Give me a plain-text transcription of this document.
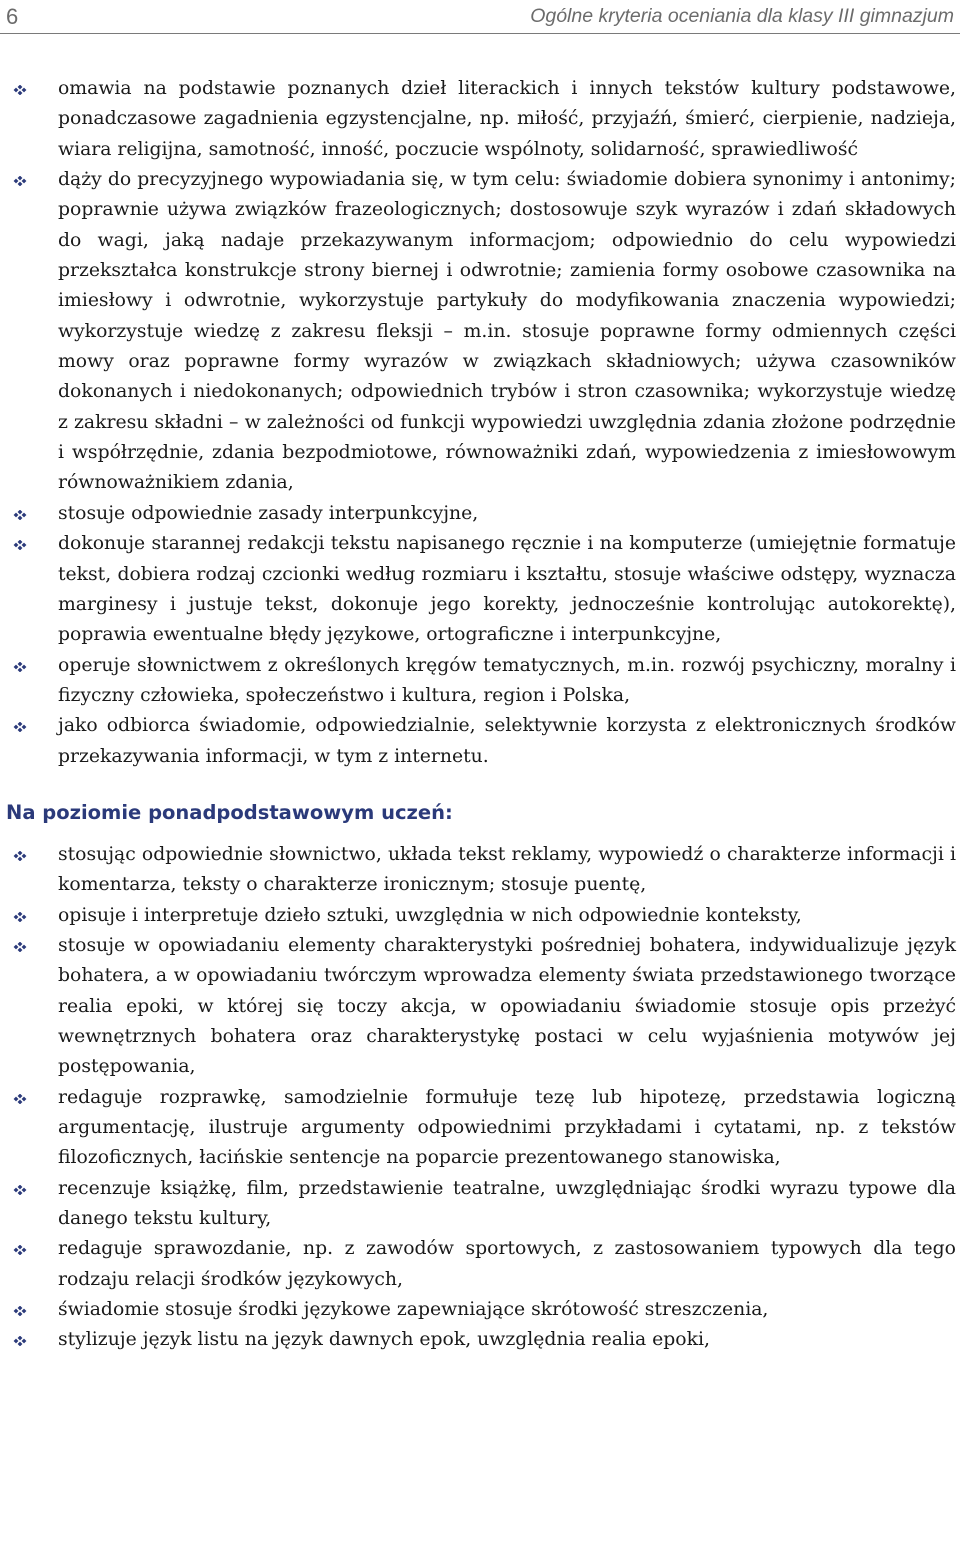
6	Ogólne kryteria oceniania dla klasy III gimnazjum
omawia na podstawie poznanych dzieł literackich i innych tekstów kultury podstawowe, ponadczasowe zagadnienia egzystencjalne, np. miłość, przyjaźń, śmierć, cierpienie, nadzieja, wiara religijna, samotność, inność, poczucie wspólnoty, solidarność, sprawiedliwość
dąży do precyzyjnego wypowiadania się, w tym celu: świadomie dobiera synonimy i antonimy; poprawnie używa związków frazeologicznych; dostosowuje szyk wyrazów i zdań składowych do wagi, jaką nadaje przekazywanym informacjom; odpowiednio do celu wypowiedzi przekształca konstrukcje strony biernej i odwrotnie; zamienia formy osobowe czasownika na imiesłowy i odwrotnie, wykorzystuje partykuły do modyfikowania znaczenia wypowiedzi; wykorzystuje wiedzę z zakresu fleksji – m.in. stosuje poprawne formy odmiennych części mowy oraz poprawne formy wyrazów w związkach składniowych; używa czasowników dokonanych i niedokonanych; odpowiednich trybów i stron czasownika; wykorzystuje wiedzę z zakresu składni – w zależności od funkcji wypowiedzi uwzględnia zdania złożone podrzędnie i współrzędnie, zdania bezpodmiotowe, równoważniki zdań, wypowiedzenia z imiesłowowym równoważnikiem zdania,
stosuje odpowiednie zasady interpunkcyjne,
dokonuje starannej redakcji tekstu napisanego ręcznie i na komputerze (umiejętnie formatuje tekst, dobiera rodzaj czcionki według rozmiaru i kształtu, stosuje właściwe odstępy, wyznacza marginesy i justuje tekst, dokonuje jego korekty, jednocześnie kontrolując autokorektę), poprawia ewentualne błędy językowe, ortograficzne i interpunkcyjne,
operuje słownictwem z określonych kręgów tematycznych, m.in. rozwój psychiczny, moralny i fizyczny człowieka, społeczeństwo i kultura, region i Polska,
jako odbiorca świadomie, odpowiedzialnie, selektywnie korzysta z elektronicznych środków przekazywania informacji, w tym z internetu.
Na poziomie ponadpodstawowym uczeń:
stosując odpowiednie słownictwo, układa tekst reklamy, wypowiedź o charakterze informacji i komentarza, teksty o charakterze ironicznym; stosuje puentę,
opisuje i interpretuje dzieło sztuki, uwzględnia w nich odpowiednie konteksty,
stosuje w opowiadaniu elementy charakterystyki pośredniej bohatera, indywidualizuje język bohatera, a w opowiadaniu twórczym wprowadza elementy świata przedstawionego tworzące realia epoki, w której się toczy akcja, w opowiadaniu świadomie stosuje opis przeżyć wewnętrznych bohatera oraz charakterystykę postaci w celu wyjaśnienia motywów jej postępowania,
redaguje rozprawkę, samodzielnie formułuje tezę lub hipotezę, przedstawia logiczną argumentację, ilustruje argumenty odpowiednimi przykładami i cytatami, np. z tekstów filozoficznych, łacińskie sentencje na poparcie prezentowanego stanowiska,
recenzuje książkę, film, przedstawienie teatralne, uwzględniając środki wyrazu typowe dla danego tekstu kultury,
redaguje sprawozdanie, np. z zawodów sportowych, z zastosowaniem typowych dla tego rodzaju relacji środków językowych,
świadomie stosuje środki językowe zapewniające skrótowość streszczenia,
stylizuje język listu na język dawnych epok, uwzględnia realia epoki,
